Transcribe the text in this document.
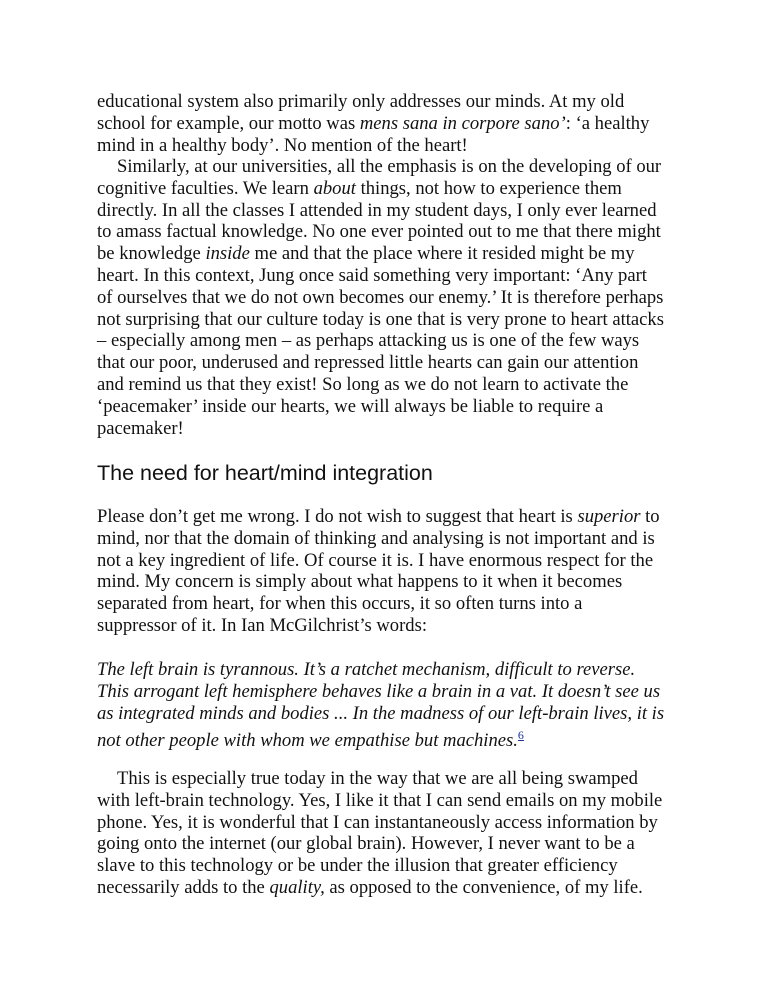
educational system also primarily only addresses our minds. At my old
school for example, our motto was mens sana in corpore sano’: ‘a healthy
mind in a healthy body’. No mention of the heart!

Similarly, at our universities, all the emphasis is on the developing of our
cognitive faculties. We learn about things, not how to experience them
directly. In all the classes I attended in my student days, I only ever learned
to amass factual knowledge. No one ever pointed out to me that there might
be knowledge inside me and that the place where it resided might be my
heart. In this context, Jung once said something very important: ‘Any part
of ourselves that we do not own becomes our enemy.’ It is therefore perhaps
not surprising that our culture today is one that is very prone to heart attacks
– especially among men – as perhaps attacking us is one of the few ways
that our poor, underused and repressed little hearts can gain our attention
and remind us that they exist! So long as we do not learn to activate the
‘peacemaker’ inside our hearts, we will always be liable to require a
pacemaker!

The need for heart/mind integration

Please don’t get me wrong. I do not wish to suggest that heart is superior to
mind, nor that the domain of thinking and analysing is not important and is
not a key ingredient of life. Of course it is. I have enormous respect for the
mind. My concern is simply about what happens to it when it becomes
separated from heart, for when this occurs, it so often turns into a
suppressor of it. In Ian McGilchrist’s words:

The left brain is tyrannous. It’s a ratchet mechanism, difficult to reverse.
This arrogant left hemisphere behaves like a brain in a vat. It doesn’t see us
as integrated minds and bodies ... In the madness of our left-brain lives, it is
not other people with whom we empathise but machines.$^6$

This is especially true today in the way that we are all being swamped
with left-brain technology. Yes, I like it that I can send emails on my mobile
phone. Yes, it is wonderful that I can instantaneously access information by
going onto the internet (our global brain). However, I never want to be a
slave to this technology or be under the illusion that greater efficiency
necessarily adds to the quality, as opposed to the convenience, of my life.
